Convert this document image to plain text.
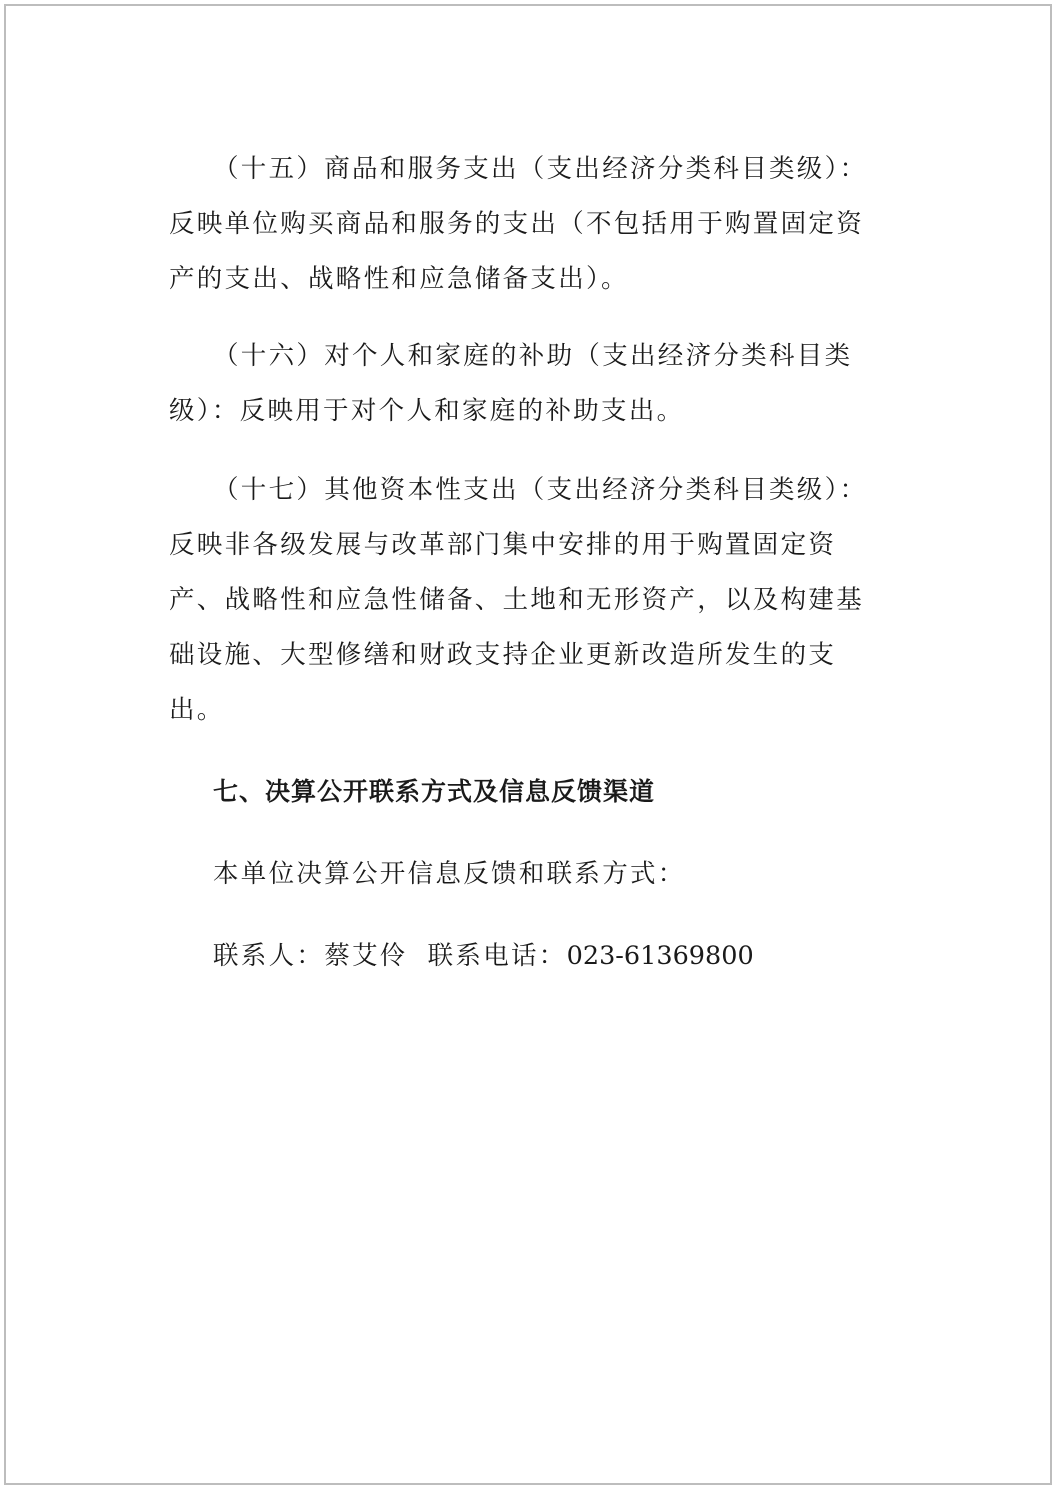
（十五）商品和服务支出（支出经济分类科目类级）：反映单位购买商品和服务的支出（不包括用于购置固定资产的支出、战略性和应急储备支出）。

（十六）对个人和家庭的补助（支出经济分类科目类级）：反映用于对个人和家庭的补助支出。

（十七）其他资本性支出（支出经济分类科目类级）：反映非各级发展与改革部门集中安排的用于购置固定资产、战略性和应急性储备、土地和无形资产，以及构建基础设施、大型修缮和财政支持企业更新改造所发生的支出。

七、决算公开联系方式及信息反馈渠道

本单位决算公开信息反馈和联系方式：

联系人：蔡艾伶 联系电话：023-61369800
